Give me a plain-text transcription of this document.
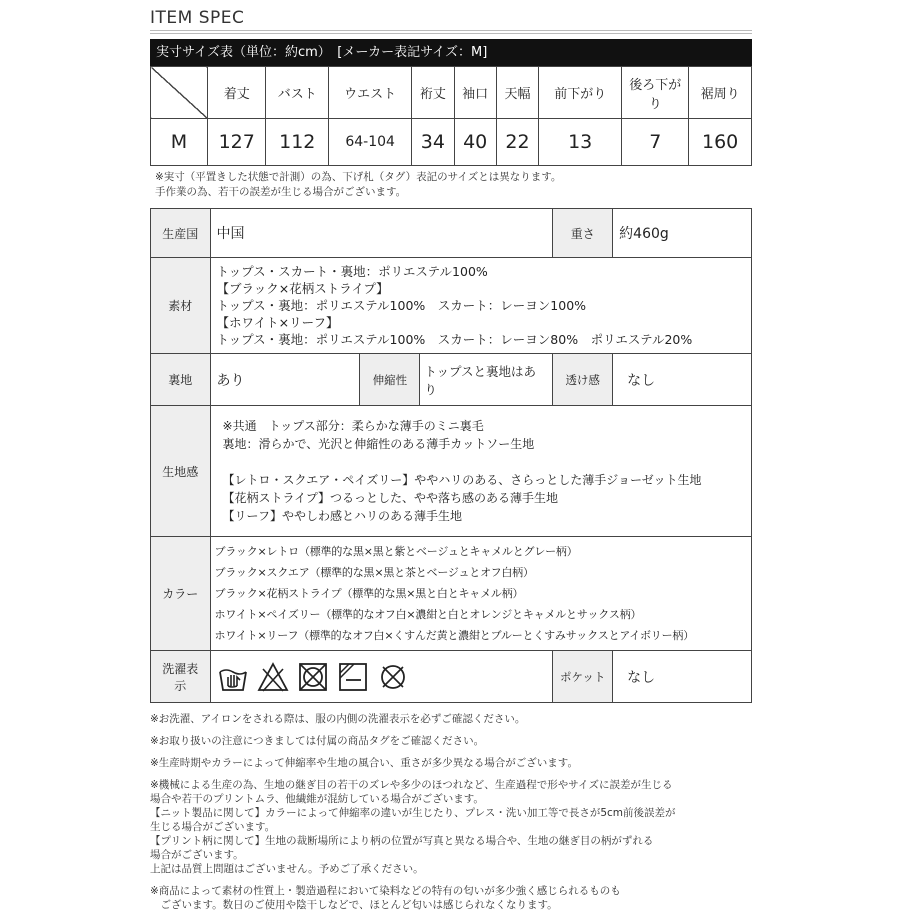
ITEM SPEC
実寸サイズ表（単位：約cm）　[メーカー表記サイズ：M]
	着丈	バスト	ウエスト	裄丈	袖口	天幅	前下がり	後ろ下がり	裾周り
M	127	112	64-104	34	40	22	13	7	160
※実寸（平置きした状態で計測）の為、下げ札（タグ）表記のサイズとは異なります。
手作業の為、若干の誤差が生じる場合がございます。
生産国	中国			重さ	約460g
素材	トップス・スカート・裏地：ポリエステル100%
【ブラック×花柄ストライプ】
トップス・裏地：ポリエステル100%　スカート：レーヨン100%
【ホワイト×リーフ】
トップス・裏地：ポリエステル100%　スカート：レーヨン80%　ポリエステル20%				

裏地	あり	伸縮性	トップスと裏地はあり	透け感	なし
生地感	※共通　トップス部分：柔らかな薄手のミニ裏毛
裏地：滑らかで、光沢と伸縮性のある薄手カットソー生地
【レトロ・スクエア・ペイズリー】ややハリのある、さらっとした薄手ジョーゼット生地
【花柄ストライプ】つるっとした、やや落ち感のある薄手生地
【リーフ】ややしわ感とハリのある薄手生地				

カラー	ブラック×レトロ（標準的な黒×黒と紫とベージュとキャメルとグレー柄）
ブラック×スクエア（標準的な黒×黒と茶とベージュとオフ白柄）
ブラック×花柄ストライプ（標準的な黒×黒と白とキャメル柄）
ホワイト×ペイズリー（標準的なオフ白×濃紺と白とオレンジとキャメルとサックス柄）
ホワイト×リーフ（標準的なオフ白×くすんだ黄と濃紺とブルーとくすみサックスとアイボリー柄）				

洗濯表示				ポケット	なし

※お洗濯、アイロンをされる際は、服の内側の洗濯表示を必ずご確認ください。

※お取り扱いの注意につきましては付属の商品タグをご確認ください。

※生産時期やカラーによって伸縮率や生地の風合い、重さが多少異なる場合がございます。

※機械による生産の為、生地の継ぎ目の若干のズレや多少のほつれなど、生産過程で形やサイズに誤差が生じる
場合や若干のプリントムラ、他繊維が混紡している場合がございます。
【ニット製品に関して】カラーによって伸縮率の違いが生じたり、プレス・洗い加工等で長さが5cm前後誤差が
生じる場合がございます。
【プリント柄に関して】生地の裁断場所により柄の位置が写真と異なる場合や、生地の継ぎ目の柄がずれる
場合がございます。
上記は品質上問題はございません。予めご了承ください。

※商品によって素材の性質上・製造過程において染料などの特有の匂いが多少強く感じられるものも
　ございます。数日のご使用や陰干しなどで、ほとんど匂いは感じられなくなります。
